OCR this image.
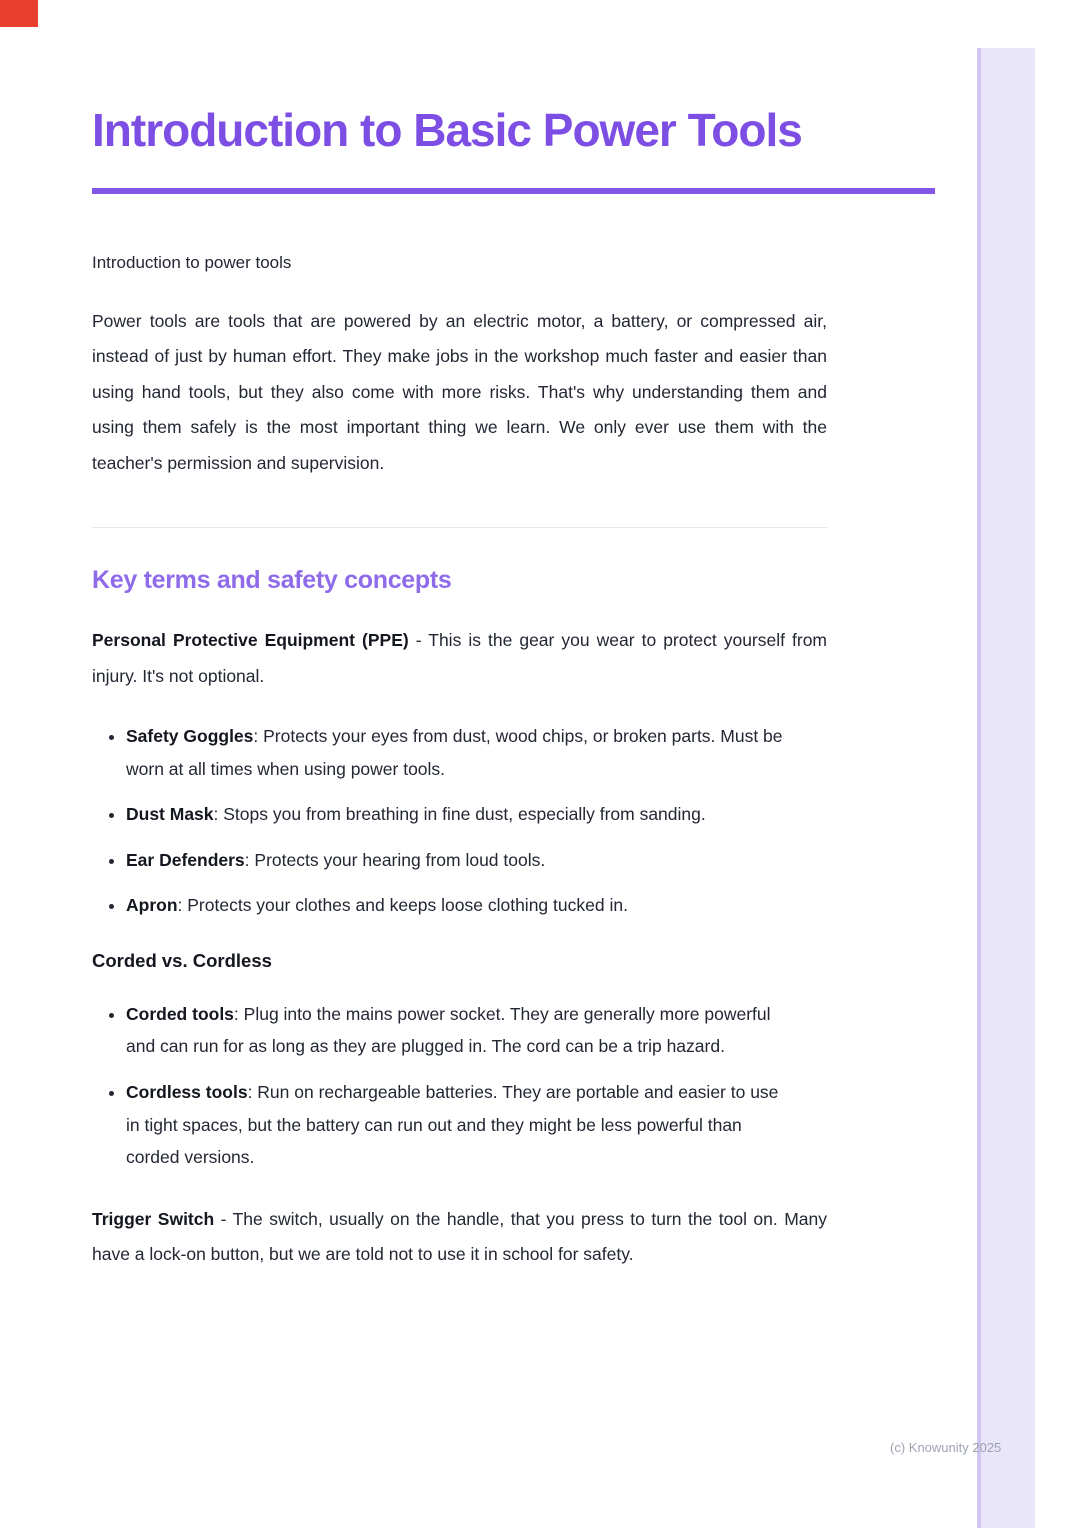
Introduction to Basic Power Tools

Introduction to power tools

Power tools are tools that are powered by an electric motor, a battery, or compressed air, instead of just by human effort. They make jobs in the workshop much faster and easier than using hand tools, but they also come with more risks. That's why understanding them and using them safely is the most important thing we learn. We only ever use them with the teacher's permission and supervision.

Key terms and safety concepts

Personal Protective Equipment (PPE) - This is the gear you wear to protect yourself from injury. It's not optional.

• Safety Goggles: Protects your eyes from dust, wood chips, or broken parts. Must be worn at all times when using power tools.
• Dust Mask: Stops you from breathing in fine dust, especially from sanding.
• Ear Defenders: Protects your hearing from loud tools.
• Apron: Protects your clothes and keeps loose clothing tucked in.

Corded vs. Cordless

• Corded tools: Plug into the mains power socket. They are generally more powerful and can run for as long as they are plugged in. The cord can be a trip hazard.
• Cordless tools: Run on rechargeable batteries. They are portable and easier to use in tight spaces, but the battery can run out and they might be less powerful than corded versions.

Trigger Switch - The switch, usually on the handle, that you press to turn the tool on. Many have a lock-on button, but we are told not to use it in school for safety.

(c) Knowunity 2025
